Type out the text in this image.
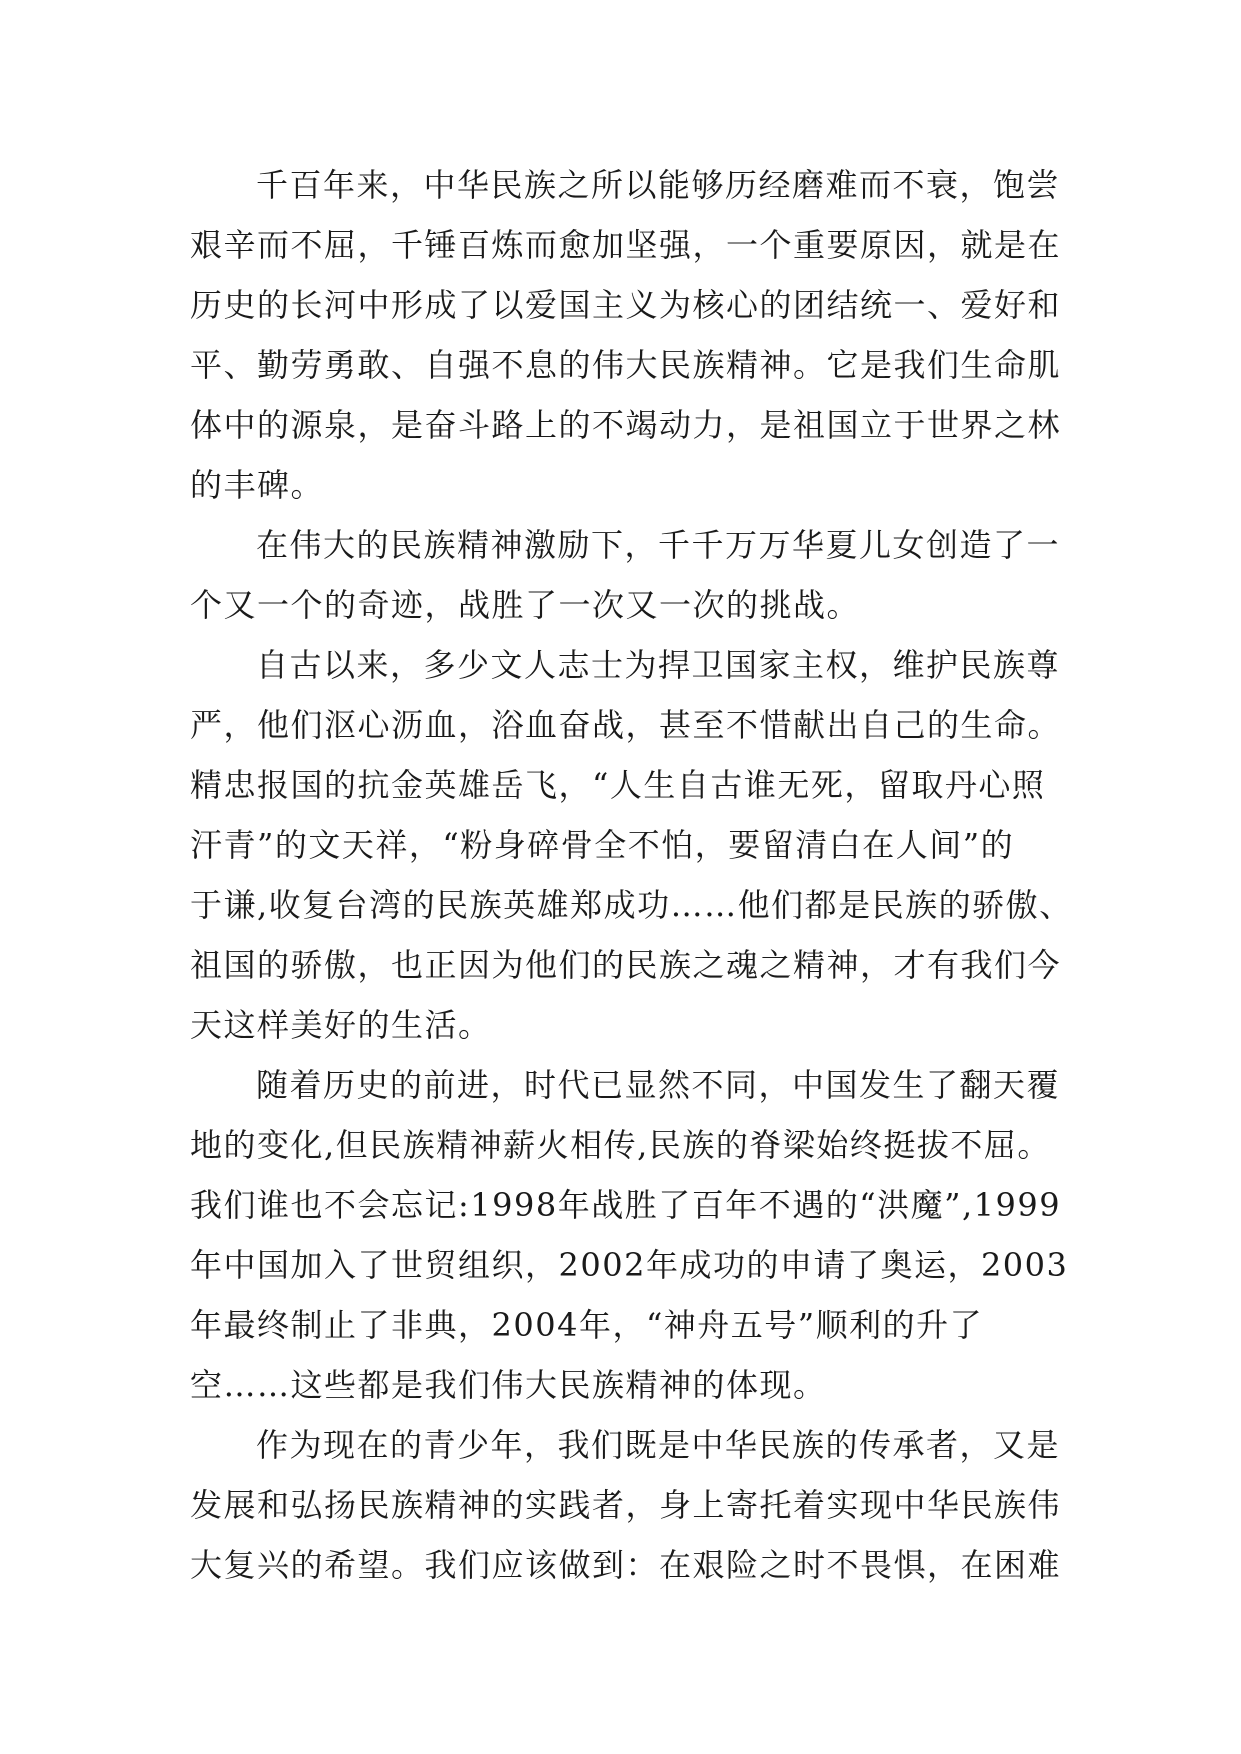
千百年来，中华民族之所以能够历经磨难而不衰，饱尝
艰辛而不屈，千锤百炼而愈加坚强，一个重要原因，就是在
历史的长河中形成了以爱国主义为核心的团结统一、爱好和
平、勤劳勇敢、自强不息的伟大民族精神。它是我们生命肌
体中的源泉，是奋斗路上的不竭动力，是祖国立于世界之林
的丰碑。
在伟大的民族精神激励下，千千万万华夏儿女创造了一
个又一个的奇迹，战胜了一次又一次的挑战。
自古以来，多少文人志士为捍卫国家主权，维护民族尊
严，他们沤心沥血，浴血奋战，甚至不惜献出自己的生命。
精忠报国的抗金英雄岳飞，“人生自古谁无死，留取丹心照
汗青”的文天祥，“粉身碎骨全不怕，要留清白在人间”的
于谦,收复台湾的民族英雄郑成功……他们都是民族的骄傲、
祖国的骄傲，也正因为他们的民族之魂之精神，才有我们今
天这样美好的生活。
随着历史的前进，时代已显然不同，中国发生了翻天覆
地的变化,但民族精神薪火相传,民族的脊梁始终挺拔不屈。
我们谁也不会忘记:1998年战胜了百年不遇的“洪魔”,1999
年中国加入了世贸组织，2002年成功的申请了奥运，2003
年最终制止了非典，2004年，“神舟五号”顺利的升了
空……这些都是我们伟大民族精神的体现。
作为现在的青少年，我们既是中华民族的传承者，又是
发展和弘扬民族精神的实践者，身上寄托着实现中华民族伟
大复兴的希望。我们应该做到：在艰险之时不畏惧，在困难
